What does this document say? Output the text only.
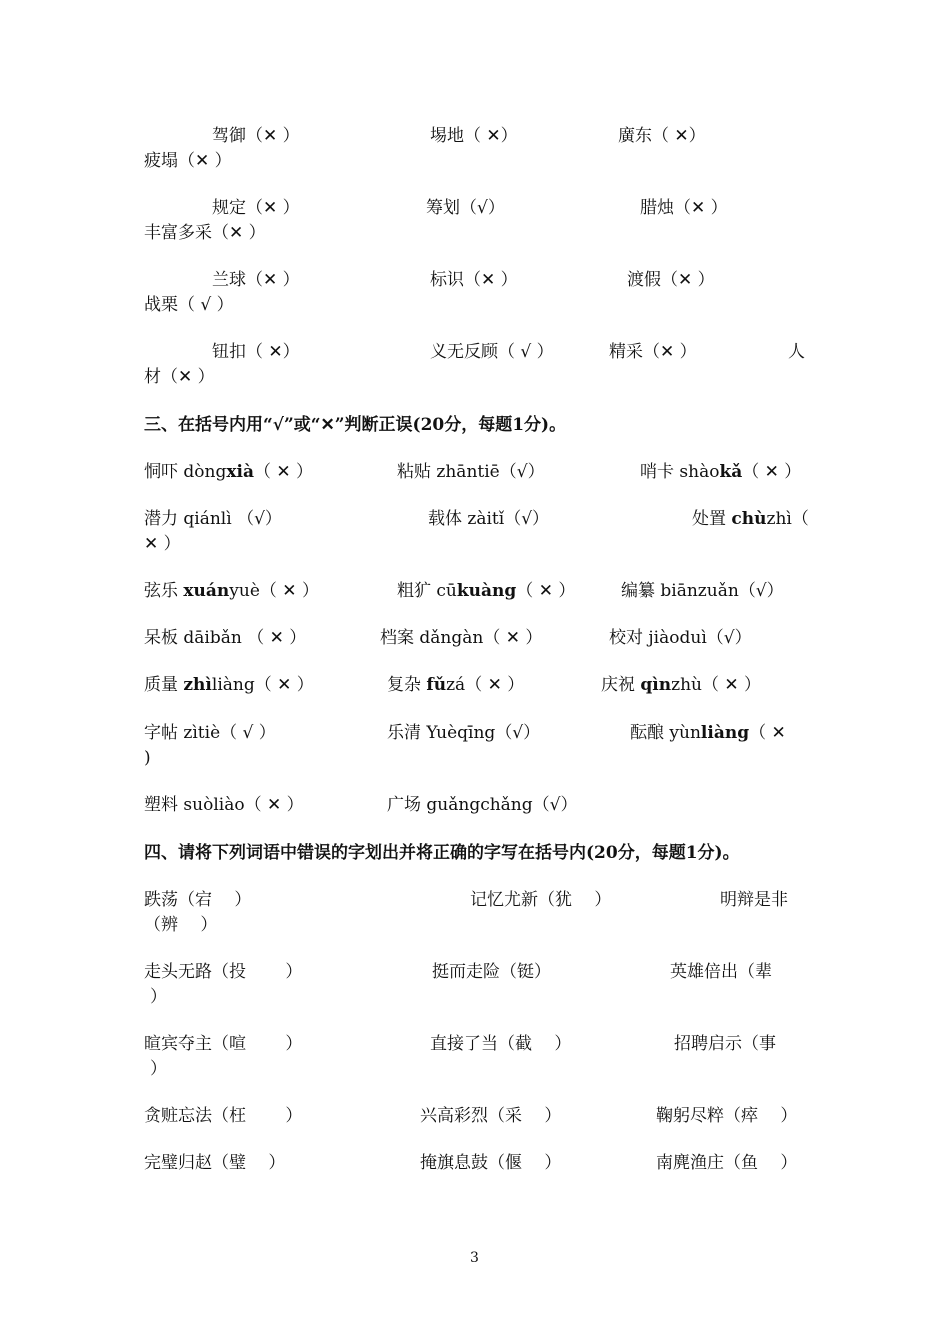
驾御（✕ ）	埸地（ ✕）	廣东（ ✕）
疲塌（✕ ）
规定（✕ ）	筹划（√）	腊烛（✕ ）
丰富多采（✕ ）
兰球（✕ ）	标识（✕ ）	渡假（✕ ）
战栗（ √ ）
钮扣（ ✕）	义无反顾（ √ ）	精采（✕ ）	人
材（✕ ）
三、在括号内用“√”或“✕”判断正误(20分，每题1分)。
恫吓 dòngxià（ ✕ ）	粘贴 zhāntiē（√）	哨卡 shàokǎ（ ✕ ）
潜力 qiánlì （√）	载体 zàitǐ（√）	处置 chùzhì（
✕ ）
弦乐 xuányuè（ ✕ ）	粗犷 cūkuàng（ ✕ ）	编纂 biānzuǎn（√）
呆板 dāibǎn （ ✕ ）	档案 dǎngàn（ ✕ ）	校对 jiàoduì（√）
质量 zhìliàng（ ✕ ）	复杂 fǔzá（ ✕ ）	庆祝 qìnzhù（ ✕ ）
字帖 zìtiè（ √ ）	乐清 Yuèqīng（√）	酝酿 yùnliàng（ ✕
)
塑料 suòliào（ ✕ ）	广场 guǎngchǎng（√）
四、请将下列词语中错误的字划出并将正确的字写在括号内(20分，每题1分)。
跌荡（宕　 ）	记忆尤新（犹　 ）	明辩是非
（辨　 ）
走头无路（投　　 ）	挺而走险（铤）	英雄倍出（辈
）
暄宾夺主（喧　　 ）	直接了当（截　 ）	招聘启示（事
）
贪赃忘法（枉　　 ）	兴高彩烈（采　 ）	鞠躬尽粹（瘁　 ）
完璧归赵（璧　 ）	掩旗息鼓（偃　 ）	南麂渔庄（鱼　 ）
3
